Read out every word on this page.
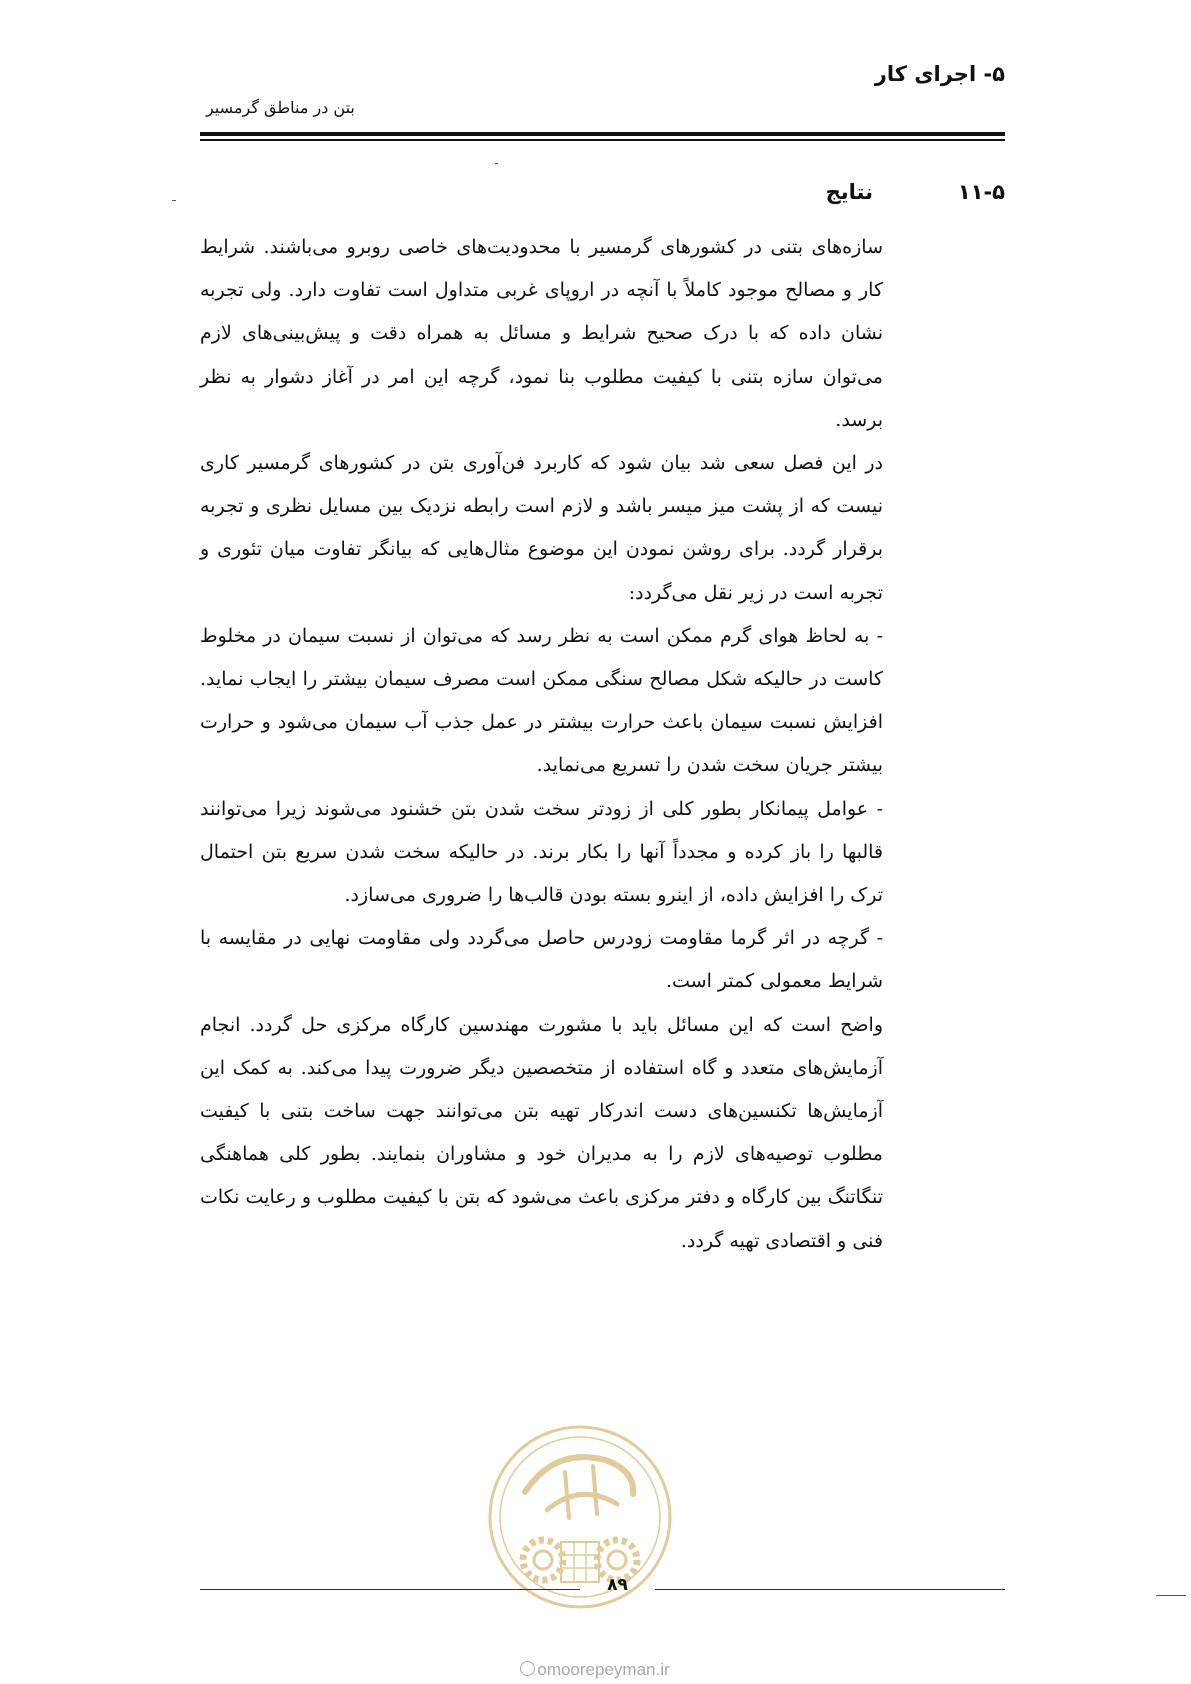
۵- اجرای کار
بتن در مناطق گرمسیر
۱۱-۵
نتایج

سازه‌های بتنی در کشورهای گرمسیر با محدودیت‌های خاصی روبرو می‌باشند. شرایط کار و مصالح موجود کاملاً با آنچه در اروپای غربی متداول است تفاوت دارد. ولی تجربه نشان داده که با درک صحیح شرایط و مسائل به همراه دقت و پیش‌بینی‌های لازم می‌توان سازه بتنی با کیفیت مطلوب بنا نمود، گرچه این امر در آغاز دشوار به نظر برسد.

در این فصل سعی شد بیان شود که کاربرد فن‌آوری بتن در کشورهای گرمسیر کاری نیست که از پشت میز میسر باشد و لازم است رابطه نزدیک بین مسایل نظری و تجربه برقرار گردد. برای روشن نمودن این موضوع مثال‌هایی که بیانگر تفاوت میان تئوری و تجربه است در زیر نقل می‌گردد:

- به لحاظ هوای گرم ممکن است به نظر رسد که می‌توان از نسبت سیمان در مخلوط کاست در حالیکه شکل مصالح سنگی ممکن است مصرف سیمان بیشتر را ایجاب نماید. افزایش نسبت سیمان باعث حرارت بیشتر در عمل جذب آب سیمان می‌شود و حرارت بیشتر جریان سخت شدن را تسریع می‌نماید.

- عوامل پیمانکار بطور کلی از زودتر سخت شدن بتن خشنود می‌شوند زیرا می‌توانند قالبها را باز کرده و مجدداً آنها را بکار برند. در حالیکه سخت شدن سریع بتن احتمال ترک را افزایش داده، از اینرو بسته بودن قالب‌ها را ضروری می‌سازد.

- گرچه در اثر گرما مقاومت زودرس حاصل می‌گردد ولی مقاومت نهایی در مقایسه با شرایط معمولی کمتر است.

واضح است که این مسائل باید با مشورت مهندسین کارگاه مرکزی حل گردد. انجام آزمایش‌های متعدد و گاه استفاده از متخصصین دیگر ضرورت پیدا می‌کند. به کمک این آزمایش‌ها تکنسین‌های دست اندرکار تهیه بتن می‌توانند جهت ساخت بتنی با کیفیت مطلوب توصیه‌های لازم را به مدیران خود و مشاوران بنمایند. بطور کلی هماهنگی تنگاتنگ بین کارگاه و دفتر مرکزی باعث می‌شود که بتن با کیفیت مطلوب و رعایت نکات فنی و اقتصادی تهیه گردد.

۸۹
omoorepeyman.ir
